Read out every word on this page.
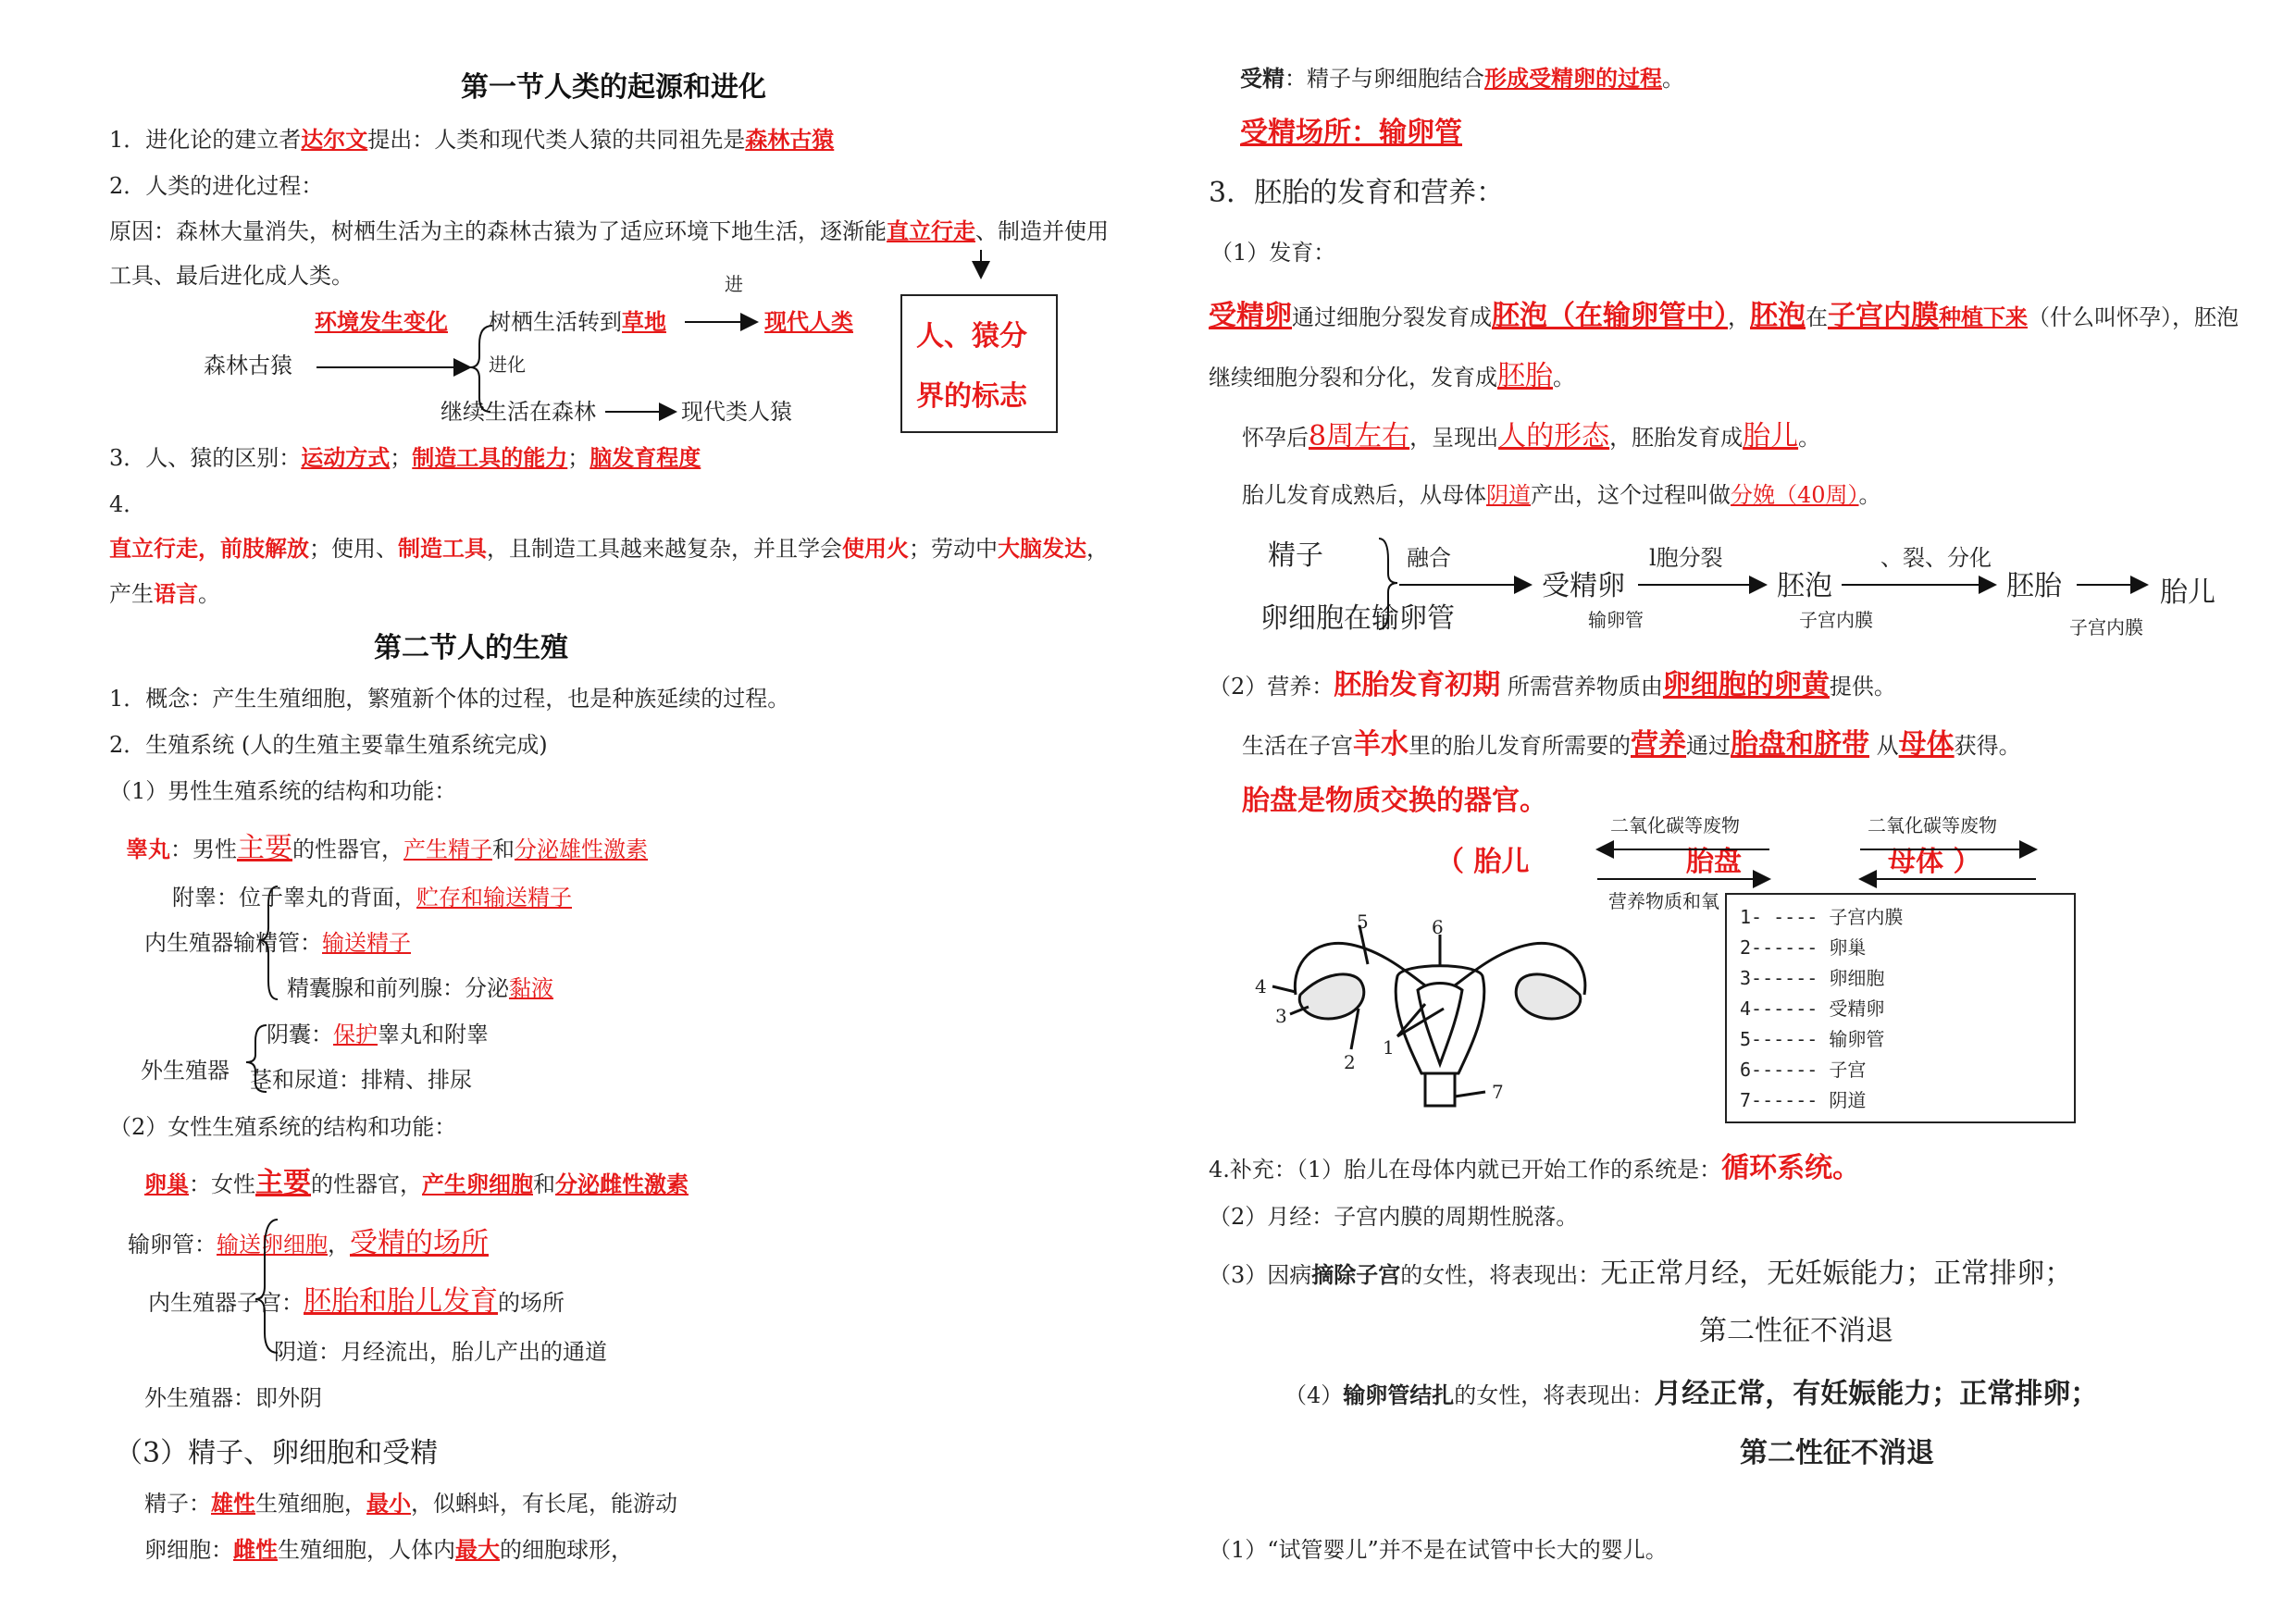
第一节人类的起源和进化
1．进化论的建立者达尔文提出：人类和现代类人猿的共同祖先是森林古猿
2．人类的进化过程：
原因：森林大量消失，树栖生活为主的森林古猿为了适应环境下地生活，逐渐能直立行走、制造并使用
工具、最后进化成人类。
环境发生变化 树栖生活转到草地
进
现代人类
森林古猿	进化
继续生活在森林	现代类人猿
人、猿分
界的标志
3．人、猿的区别：运动方式；制造工具的能力；脑发育程度
4．
直立行走，前肢解放；使用、制造工具，且制造工具越来越复杂，并且学会使用火；劳动中大脑发达，
产生语言。
第二节人的生殖
1．概念：产生生殖细胞，繁殖新个体的过程，也是种族延续的过程。
2．生殖系统 (人的生殖主要靠生殖系统完成)
（1）男性生殖系统的结构和功能：
睾丸：男性主要的性器官，产生精子和分泌雄性激素
附睾：位于睾丸的背面，贮存和输送精子
内生殖器输精管：输送精子
精囊腺和前列腺：分泌黏液
阴囊：保护睾丸和附睾
外生殖器 茎和尿道：排精、排尿
（2）女性生殖系统的结构和功能：
卵巢：女性主要的性器官，产生卵细胞和分泌雌性激素
输卵管：输送卵细胞，受精的场所
内生殖器子宫：胚胎和胎儿发育的场所
阴道：月经流出，胎儿产出的通道
外生殖器：即外阴
（3）精子、卵细胞和受精
精子：雄性生殖细胞，最小，似蝌蚪，有长尾，能游动
卵细胞：雌性生殖细胞，人体内最大的细胞球形，
受精：精子与卵细胞结合形成受精卵的过程。
受精场所：输卵管
3．胚胎的发育和营养：
（1）发育：
受精卵通过细胞分裂发育成胚泡（在输卵管中），胚泡在子宫内膜种植下来（什么叫怀孕），胚泡
继续细胞分裂和分化，发育成胚胎。
怀孕后8周左右，呈现出人的形态，胚胎发育成胎儿。
胎儿发育成熟后，从母体阴道产出，这个过程叫做分娩（40周）。
精子
卵细胞在输卵管
融合
受精卵
输卵管
l胞分裂
胚泡
子宫内膜
、裂、分化
胚胎	胎儿
子宫内膜
（2）营养：胚胎发育初期 所需营养物质由卵细胞的卵黄提供。
生活在子宫羊水里的胎儿发育所需要的营养通过胎盘和脐带 从母体获得。
胎盘是物质交换的器官。
二氧化碳等废物	二氧化碳等废物
（ 胎儿	胎盘	母体 ）
营养物质和氧
5	6
4
3
2
1
7
1- ---- 子宫内膜
2------ 卵巢
3------ 卵细胞
4------ 受精卵
5------ 输卵管
6------ 子宫
7------ 阴道
4.补充：（1）胎儿在母体内就已开始工作的系统是：循环系统。
（2）月经：子宫内膜的周期性脱落。
（3）因病摘除子宫的女性，将表现出：无正常月经，无妊娠能力；正常排卵；
第二性征不消退
（4）输卵管结扎的女性，将表现出：月经正常，有妊娠能力；正常排卵；
第二性征不消退
（1）“试管婴儿”并不是在试管中长大的婴儿。
